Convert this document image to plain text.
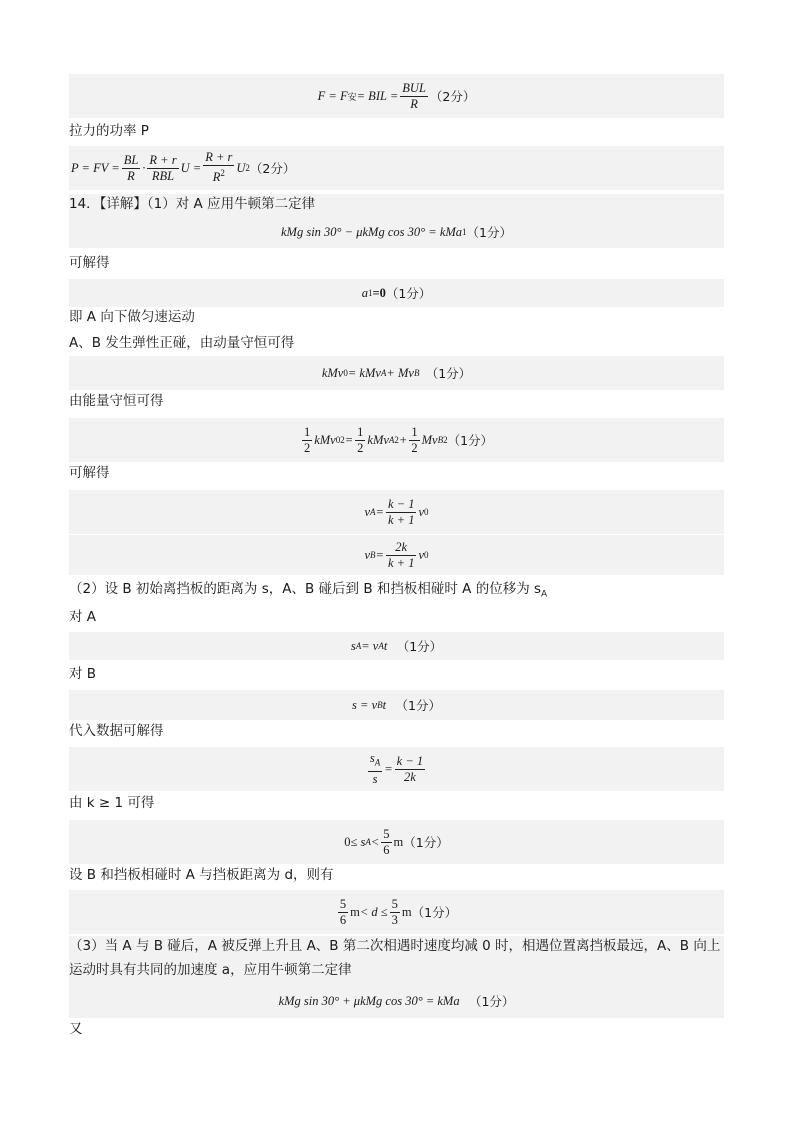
F = F 安 = BIL = $\frac{\text{BUL}}{R} (2$分）
拉力的功率 P
P = FV = $\frac{BL}{R} \cdot \frac{R + r}{\text{RBL}}$ $U = \frac{R + r}{R^2}$ U 2 （2分）
14．【详解】（1）对 A 应用牛顿第二定律
kMg sin 30° − μkMg cos 30° = kMa 1 （1分）
可解得
a 1 =0 （1分）
即 A 向下做匀速运动
A、B 发生弹性正碰，由动量守恒可得
kMv 0 = kMv A + Mv B
（1分）
由能量守恒可得
$\frac{1}{2}$ kMv 0 $2 = \frac{1}{2}$ kMv A $2 + \frac{1}{2}$ Mv B 2 （1分）
可解得
v $A = \frac{k - 1}{k + 1}$ v 0
v $B = \frac{2k}{k + 1}$ v 0
（2）设 B 初始离挡板的距离为 s，A、B 碰后到 B 和挡板相碰时 A 的位移为 $s_A$
对 A
s A = v A t （1分）
对 B
s = v B t （1分）
代入数据可解得
$\frac{s_A}{s} = \frac{k - 1}{2k}$
由 k ≥ 1 可得
0 ≤ s $A < \frac{5}{6}$ m （1分）
设 B 和挡板相碰时 A 与挡板距离为 d，则有
$\frac{5}{6}$ $m < d \le \frac{5}{3}$ m （1分）
（3）当 A 与 B 碰后，A 被反弹上升且 A、B 第二次相遇时速度均减 0 时，相遇位置离挡板最远，A、B 向上
运动时具有共同的加速度 a，应用牛顿第二定律
kMg sin 30° + μkMg cos 30° = kMa （1分）
又
